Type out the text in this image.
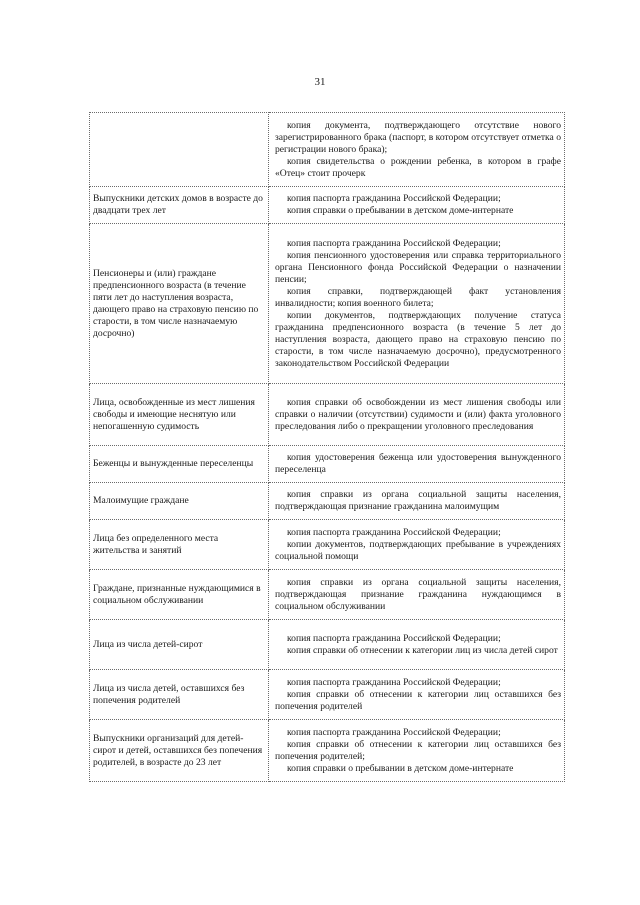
31

	копия документа, подтверждающего отсутствие нового зарегистрированного брака (паспорт, в котором отсутствует отметка о регистрации нового брака);
копия свидетельства о рождении ребенка, в котором в графе «Отец» стоит прочерк

Выпускники детских домов в возрасте до двадцати трех лет	копия паспорта гражданина Российской Федерации;
копия справки о пребывании в детском доме-интернате

Пенсионеры и (или) граждане предпенсионного возраста (в течение пяти лет до наступления возраста, дающего право на страховую пенсию по старости, в том числе назначаемую досрочно)	копия паспорта гражданина Российской Федерации;
копия пенсионного удостоверения или справка территориального органа Пенсионного фонда Российской Федерации о назначении пенсии;
копия справки, подтверждающей факт установления инвалидности; копия военного билета;
копии документов, подтверждающих получение статуса гражданина предпенсионного возраста (в течение 5 лет до наступления возраста, дающего право на страховую пенсию по старости, в том числе назначаемую досрочно), предусмотренного законодательством Российской Федерации

Лица, освобожденные из мест лишения свободы и имеющие неснятую или непогашенную судимость	копия справки об освобождении из мест лишения свободы или справки о наличии (отсутствии) судимости и (или) факта уголовного преследования либо о прекращении уголовного преследования

Беженцы и вынужденные переселенцы	копия удостоверения беженца или удостоверения вынужденного переселенца

Малоимущие граждане	копия справки из органа социальной защиты населения, подтверждающая признание гражданина малоимущим

Лица без определенного места жительства и занятий	копия паспорта гражданина Российской Федерации;
копии документов, подтверждающих пребывание в учреждениях социальной помощи

Граждане, признанные нуждающимися в социальном обслуживании	копия справки из органа социальной защиты населения, подтверждающая признание гражданина нуждающимся в социальном обслуживании

Лица из числа детей-сирот	копия паспорта гражданина Российской Федерации;
копия справки об отнесении к категории лиц из числа детей сирот

Лица из числа детей, оставшихся без попечения родителей	копия паспорта гражданина Российской Федерации;
копия справки об отнесении к категории лиц оставшихся без попечения родителей

Выпускники организаций для детей-сирот и детей, оставшихся без попечения родителей, в возрасте до 23 лет	копия паспорта гражданина Российской Федерации;
копия справки об отнесении к категории лиц оставшихся без попечения родителей;
копия справки о пребывании в детском доме-интернате
